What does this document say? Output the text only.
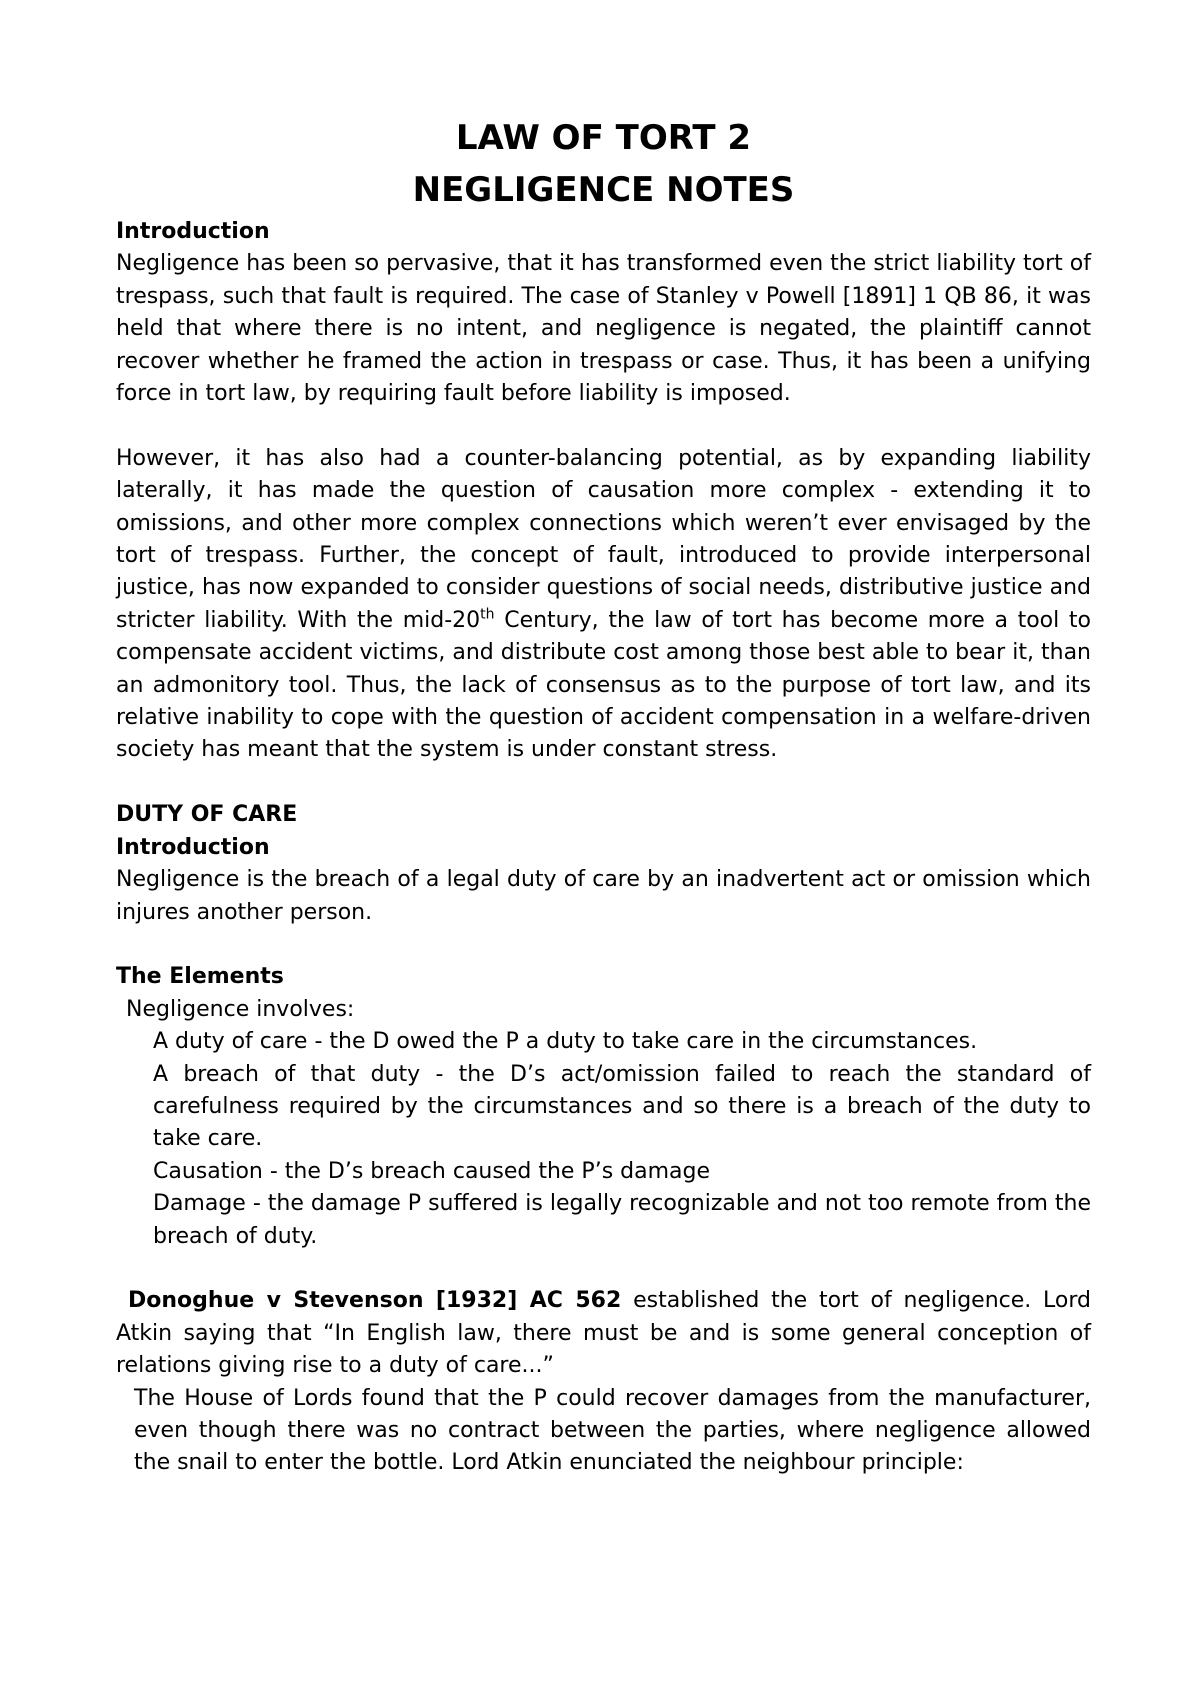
LAW OF TORT 2

NEGLIGENCE NOTES

Introduction

Negligence has been so pervasive, that it has transformed even the strict liability tort of trespass, such that fault is required. The case of Stanley v Powell [1891] 1 QB 86, it was held that where there is no intent, and negligence is negated, the plaintiff cannot recover whether he framed the action in trespass or case. Thus, it has been a unifying force in tort law, by requiring fault before liability is imposed.

However, it has also had a counter-balancing potential, as by expanding liability laterally, it has made the question of causation more complex - extending it to omissions, and other more complex connections which weren’t ever envisaged by the tort of trespass. Further, the concept of fault, introduced to provide interpersonal justice, has now expanded to consider questions of social needs, distributive justice and stricter liability. With the mid-20th Century, the law of tort has become more a tool to compensate accident victims, and distribute cost among those best able to bear it, than an admonitory tool. Thus, the lack of consensus as to the purpose of tort law, and its relative inability to cope with the question of accident compensation in a welfare-driven society has meant that the system is under constant stress.

DUTY OF CARE

Introduction

Negligence is the breach of a legal duty of care by an inadvertent act or omission which injures another person.

The Elements

Negligence involves:

A duty of care - the D owed the P a duty to take care in the circumstances.
A breach of that duty - the D’s act/omission failed to reach the standard of carefulness required by the circumstances and so there is a breach of the duty to take care.
Causation - the D’s breach caused the P’s damage
Damage - the damage P suffered is legally recognizable and not too remote from the breach of duty.

Donoghue v Stevenson [1932] AC 562 established the tort of negligence. Lord Atkin saying that “In English law, there must be and is some general conception of relations giving rise to a duty of care...”

The House of Lords found that the P could recover damages from the manufacturer, even though there was no contract between the parties, where negligence allowed the snail to enter the bottle. Lord Atkin enunciated the neighbour principle:
